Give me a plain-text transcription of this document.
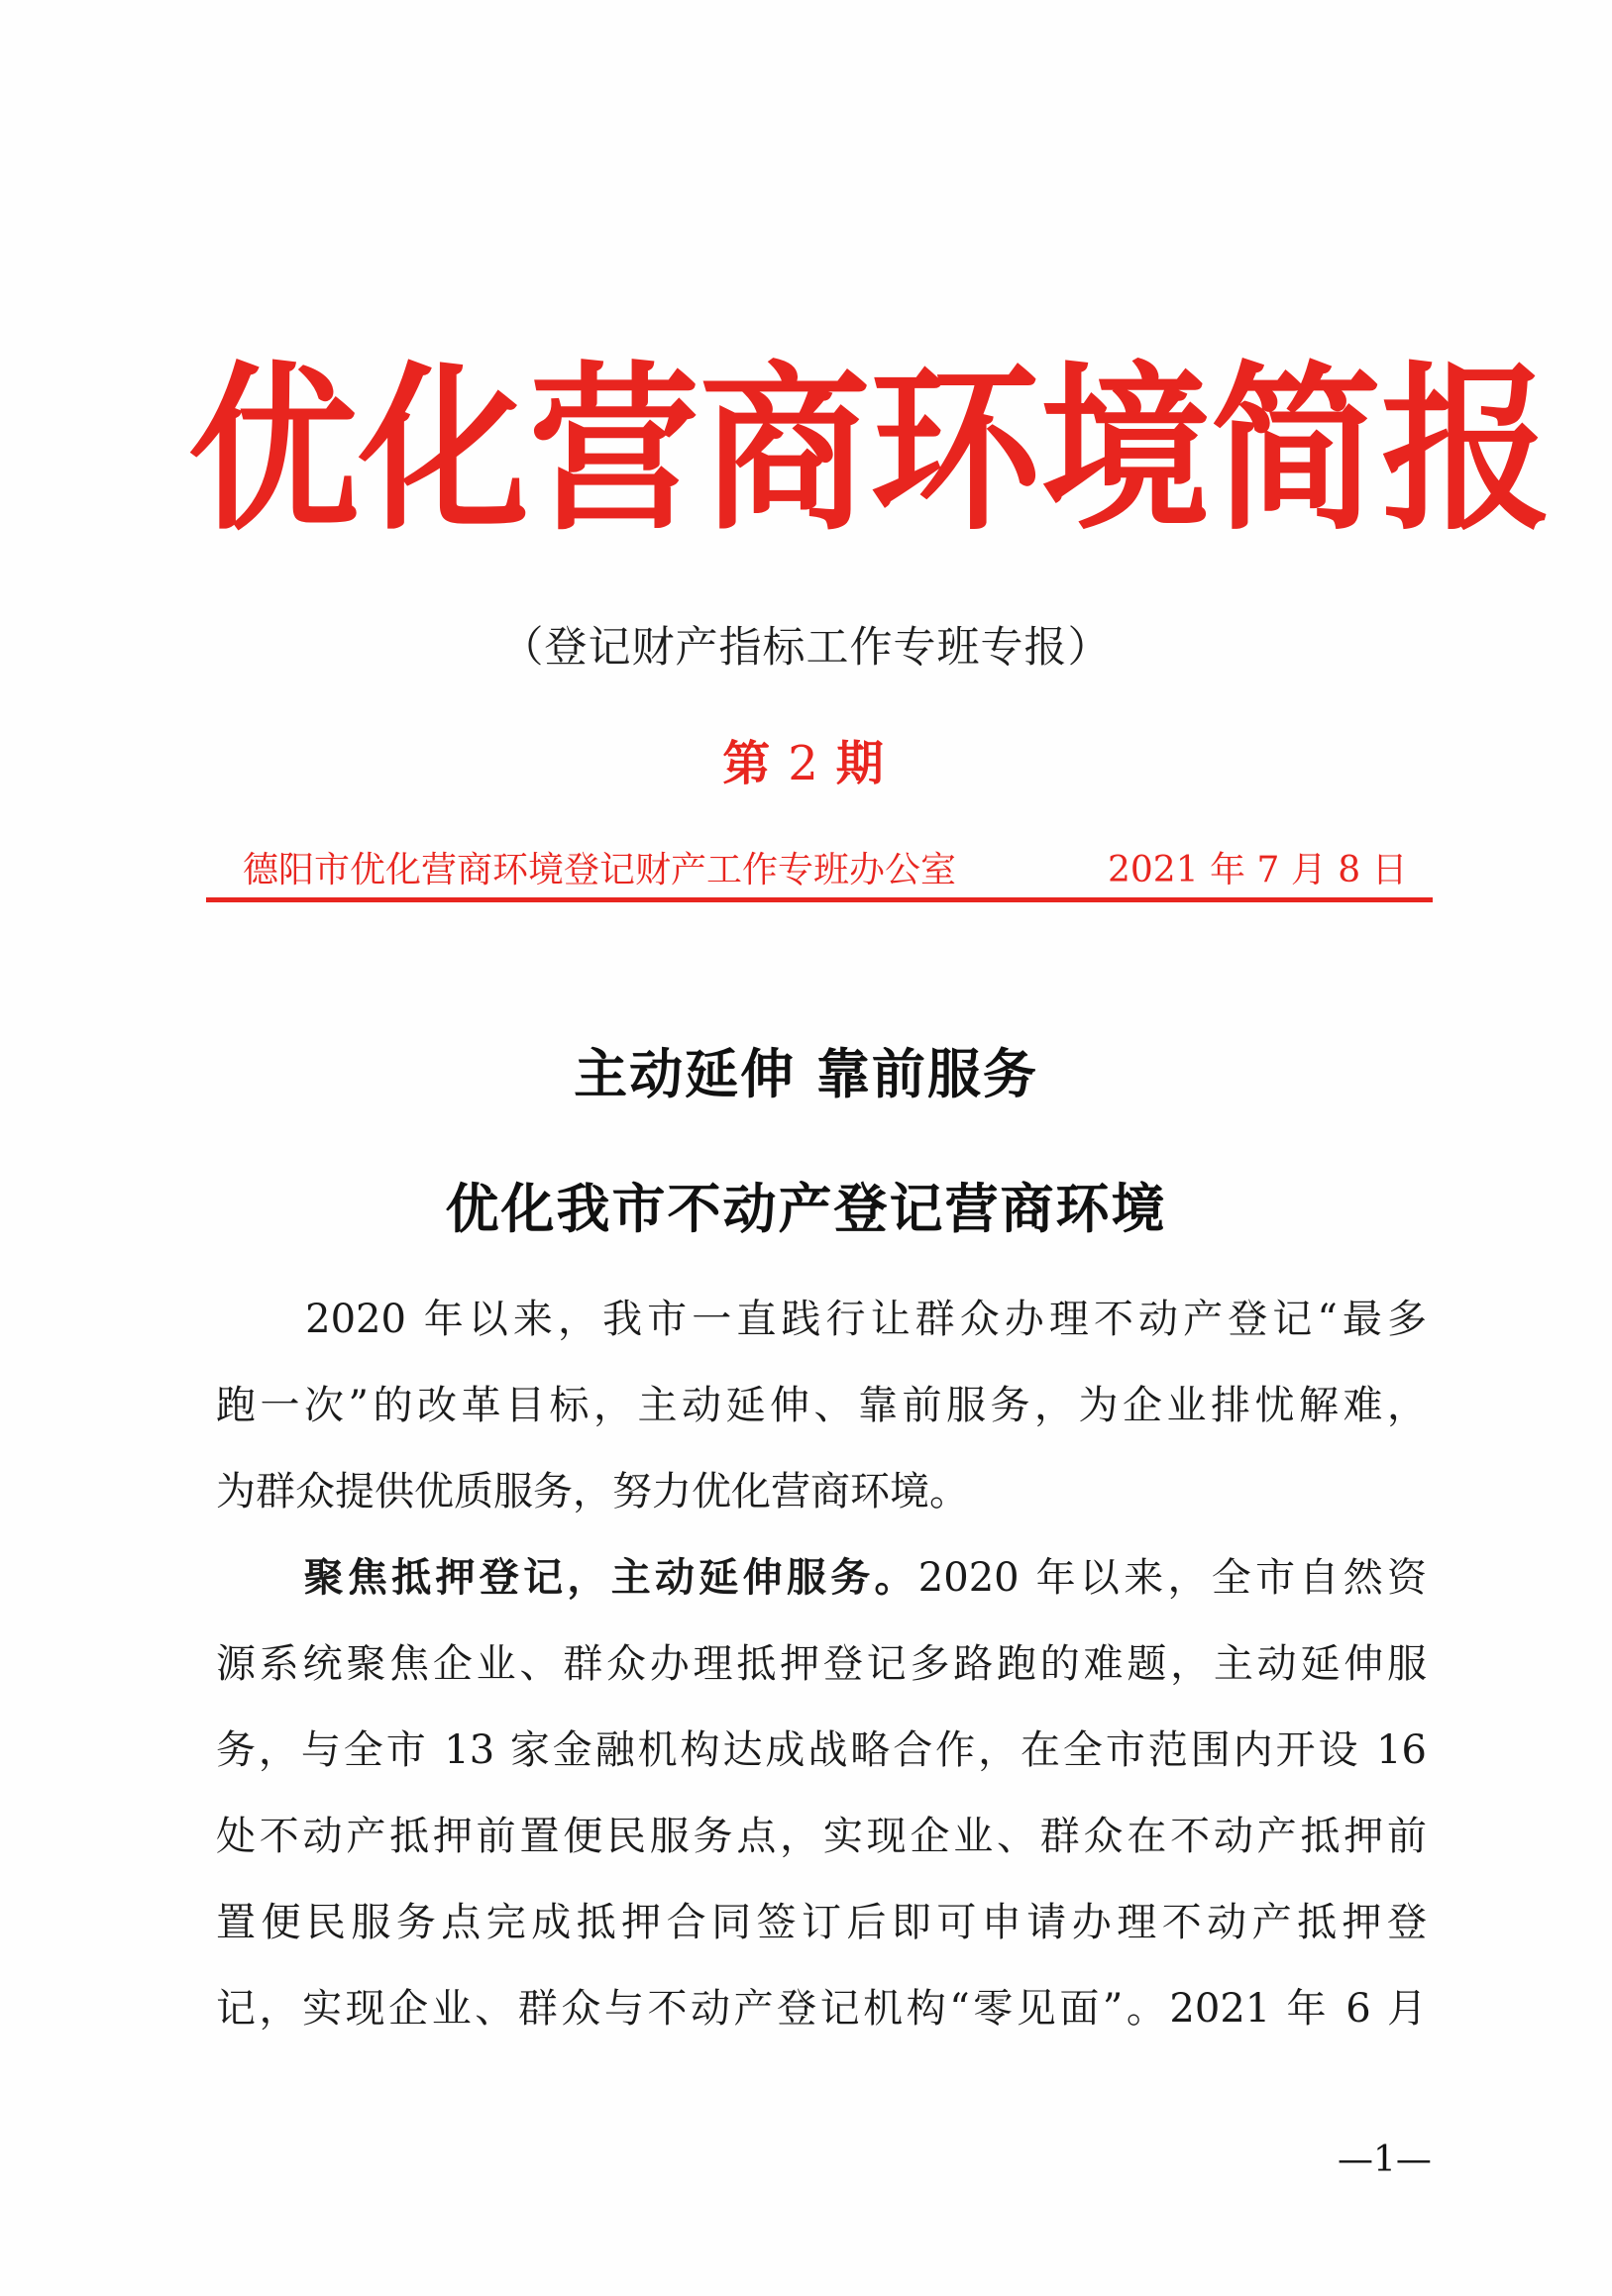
优 化 营 商 环 境 简 报
（登记财产指标工作专班专报）
第 2 期
德阳市优化营商环境登记财产工作专班办公室	2021 年 7 月 8 日
主动延伸 靠前服务
优化我市不动产登记营商环境
　　2020 年以来，我市一直践行让群众办理不动产登记“最多
跑一次”的改革目标，主动延伸、靠前服务，为企业排忧解难，
为群众提供优质服务，努力优化营商环境。
　　聚焦抵押登记，主动延伸服务。2020 年以来，全市自然资
源系统聚焦企业、群众办理抵押登记多路跑的难题，主动延伸服
务，与全市 13 家金融机构达成战略合作，在全市范围内开设 16
处不动产抵押前置便民服务点，实现企业、群众在不动产抵押前
置便民服务点完成抵押合同签订后即可申请办理不动产抵押登
记，实现企业、群众与不动产登记机构“零见面”。2021 年 6 月
—1—
